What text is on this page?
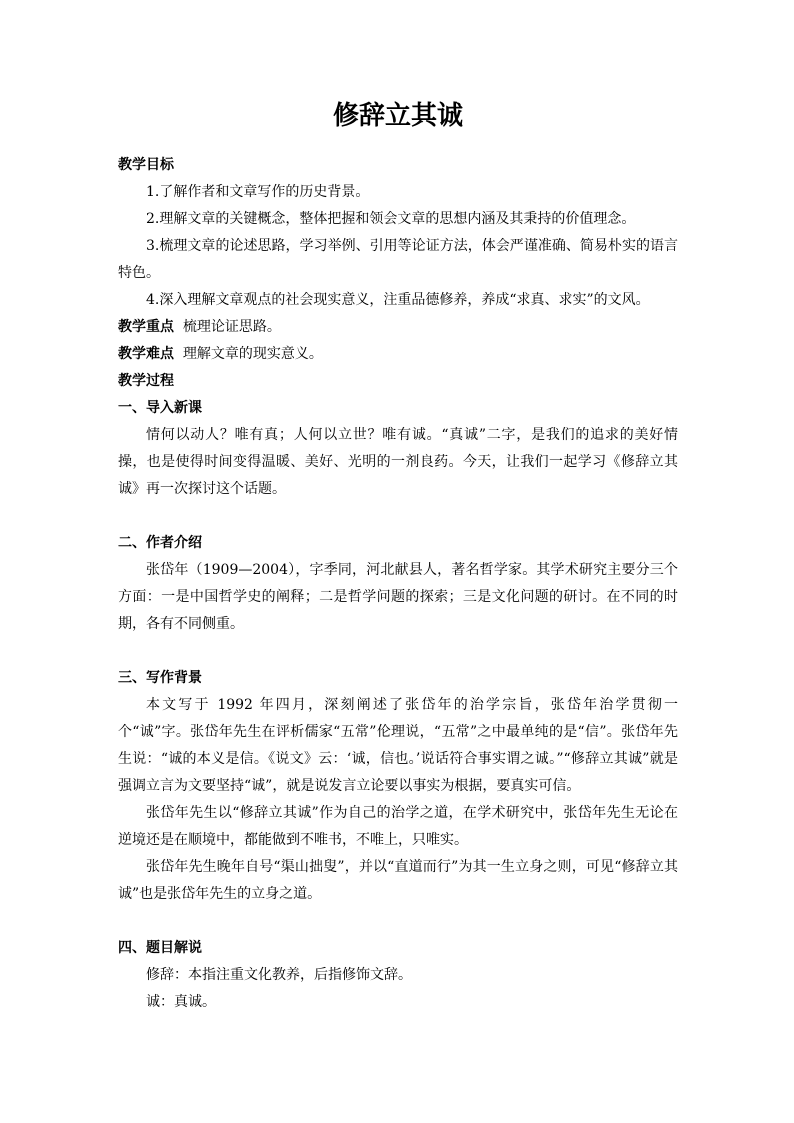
修辞立其诚
教学目标
1.了解作者和文章写作的历史背景。
2.理解文章的关键概念，整体把握和领会文章的思想内涵及其秉持的价值理念。
3.梳理文章的论述思路，学习举例、引用等论证方法，体会严谨准确、简易朴实的语言特色。
4.深入理解文章观点的社会现实意义，注重品德修养，养成“求真、求实”的文风。
教学重点 梳理论证思路。
教学难点 理解文章的现实意义。
教学过程
一、导入新课
情何以动人？唯有真；人何以立世？唯有诚。“真诚”二字，是我们的追求的美好情操，也是使得时间变得温暖、美好、光明的一剂良药。今天，让我们一起学习《修辞立其诚》再一次探讨这个话题。
二、作者介绍
张岱年（1909—2004），字季同，河北献县人，著名哲学家。其学术研究主要分三个方面：一是中国哲学史的阐释；二是哲学问题的探索；三是文化问题的研讨。在不同的时期，各有不同侧重。
三、写作背景
本文写于 1992 年四月，深刻阐述了张岱年的治学宗旨，张岱年治学贯彻一个“诚”字。张岱年先生在评析儒家“五常”伦理说，“五常”之中最单纯的是“信”。张岱年先生说：“诚的本义是信。《说文》云：‘诚，信也。’说话符合事实谓之诚。”“修辞立其诚”就是强调立言为文要坚持“诚”，就是说发言立论要以事实为根据，要真实可信。
张岱年先生以“修辞立其诚”作为自己的治学之道，在学术研究中，张岱年先生无论在逆境还是在顺境中，都能做到不唯书，不唯上，只唯实。
张岱年先生晚年自号“渠山拙叟”，并以“直道而行”为其一生立身之则，可见“修辞立其诚”也是张岱年先生的立身之道。
四、题目解说
修辞：本指注重文化教养，后指修饰文辞。
诚：真诚。
